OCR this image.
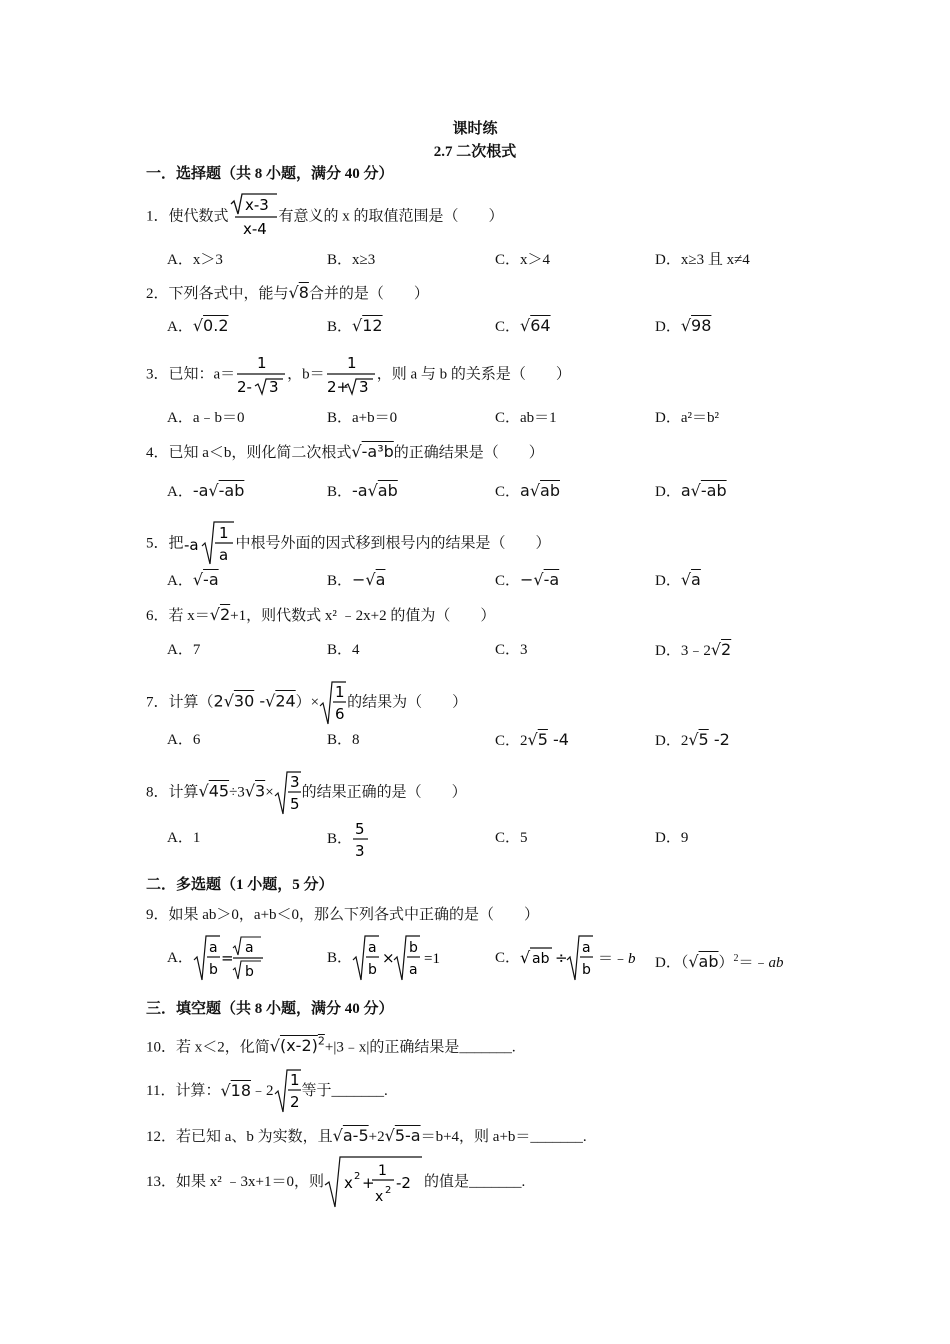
课时练
2.7 二次根式
一．选择题（共 8 小题，满分 40 分）
1．使代数式
x-3
x-4
有意义的 x 的取值范围是（　　）
A．x＞3	B．x≥3	C．x＞4	D．x≥3 且 x≠4
2．下列各式中，能与√8合并的是（　　）
A．√0.2	B．√12	C．√64	D．√98
3．已知：a＝
1
2- 3
，b＝
1
2+ 3
，则 a 与 b 的关系是（　　）
A．a﹣b＝0	B．a+b＝0	C．ab＝1	D．a²＝b²
4．已知 a＜b，则化简二次根式√-a³b的正确结果是（　　）
A．-a√-ab	B．-a√ab	C．a√ab	D．a√-ab
5．把 -a
1
a
中根号外面的因式移到根号内的结果是（　　）
A．√-a	B．−√a	C．−√-a	D．√a
6．若 x＝√2+1，则代数式 x² ﹣2x+2 的值为（　　）
A．7	B．4	C．3	D．3﹣2√2
7．计算（2√30 -√24）×
1
6
的结果为（　　）
A．6	B．8	C．2√5 -4	D．2√5 -2
8．计算√45÷3√3×
3
5
的结果正确的是（　　）
A．1	B．
5
3
C．5	D．9
二．多选题（1 小题，5 分）
9．如果 ab＞0，a+b＜0，那么下列各式中正确的是（　　）
A．
a
b
=
a
b
B．
a
b
×
b
a
=1	C． √ ab ÷
a
b
＝﹣b D．$(√ab)^2=﹣ab$
三．填空题（共 8 小题，满分 40 分）
10．若 x＜2，化简$√(x-2)^2+|3﹣x|$的正确结果是_______.
11．计算：√18﹣2
1
2
等于_______.
12．若已知 a、b 为实数，且√a-5+2√5-a＝b+4，则 a+b＝_______.
13．如果 x² ﹣3x+1＝0，则 x 2 +
1
x 2 -2 的值是_______.
